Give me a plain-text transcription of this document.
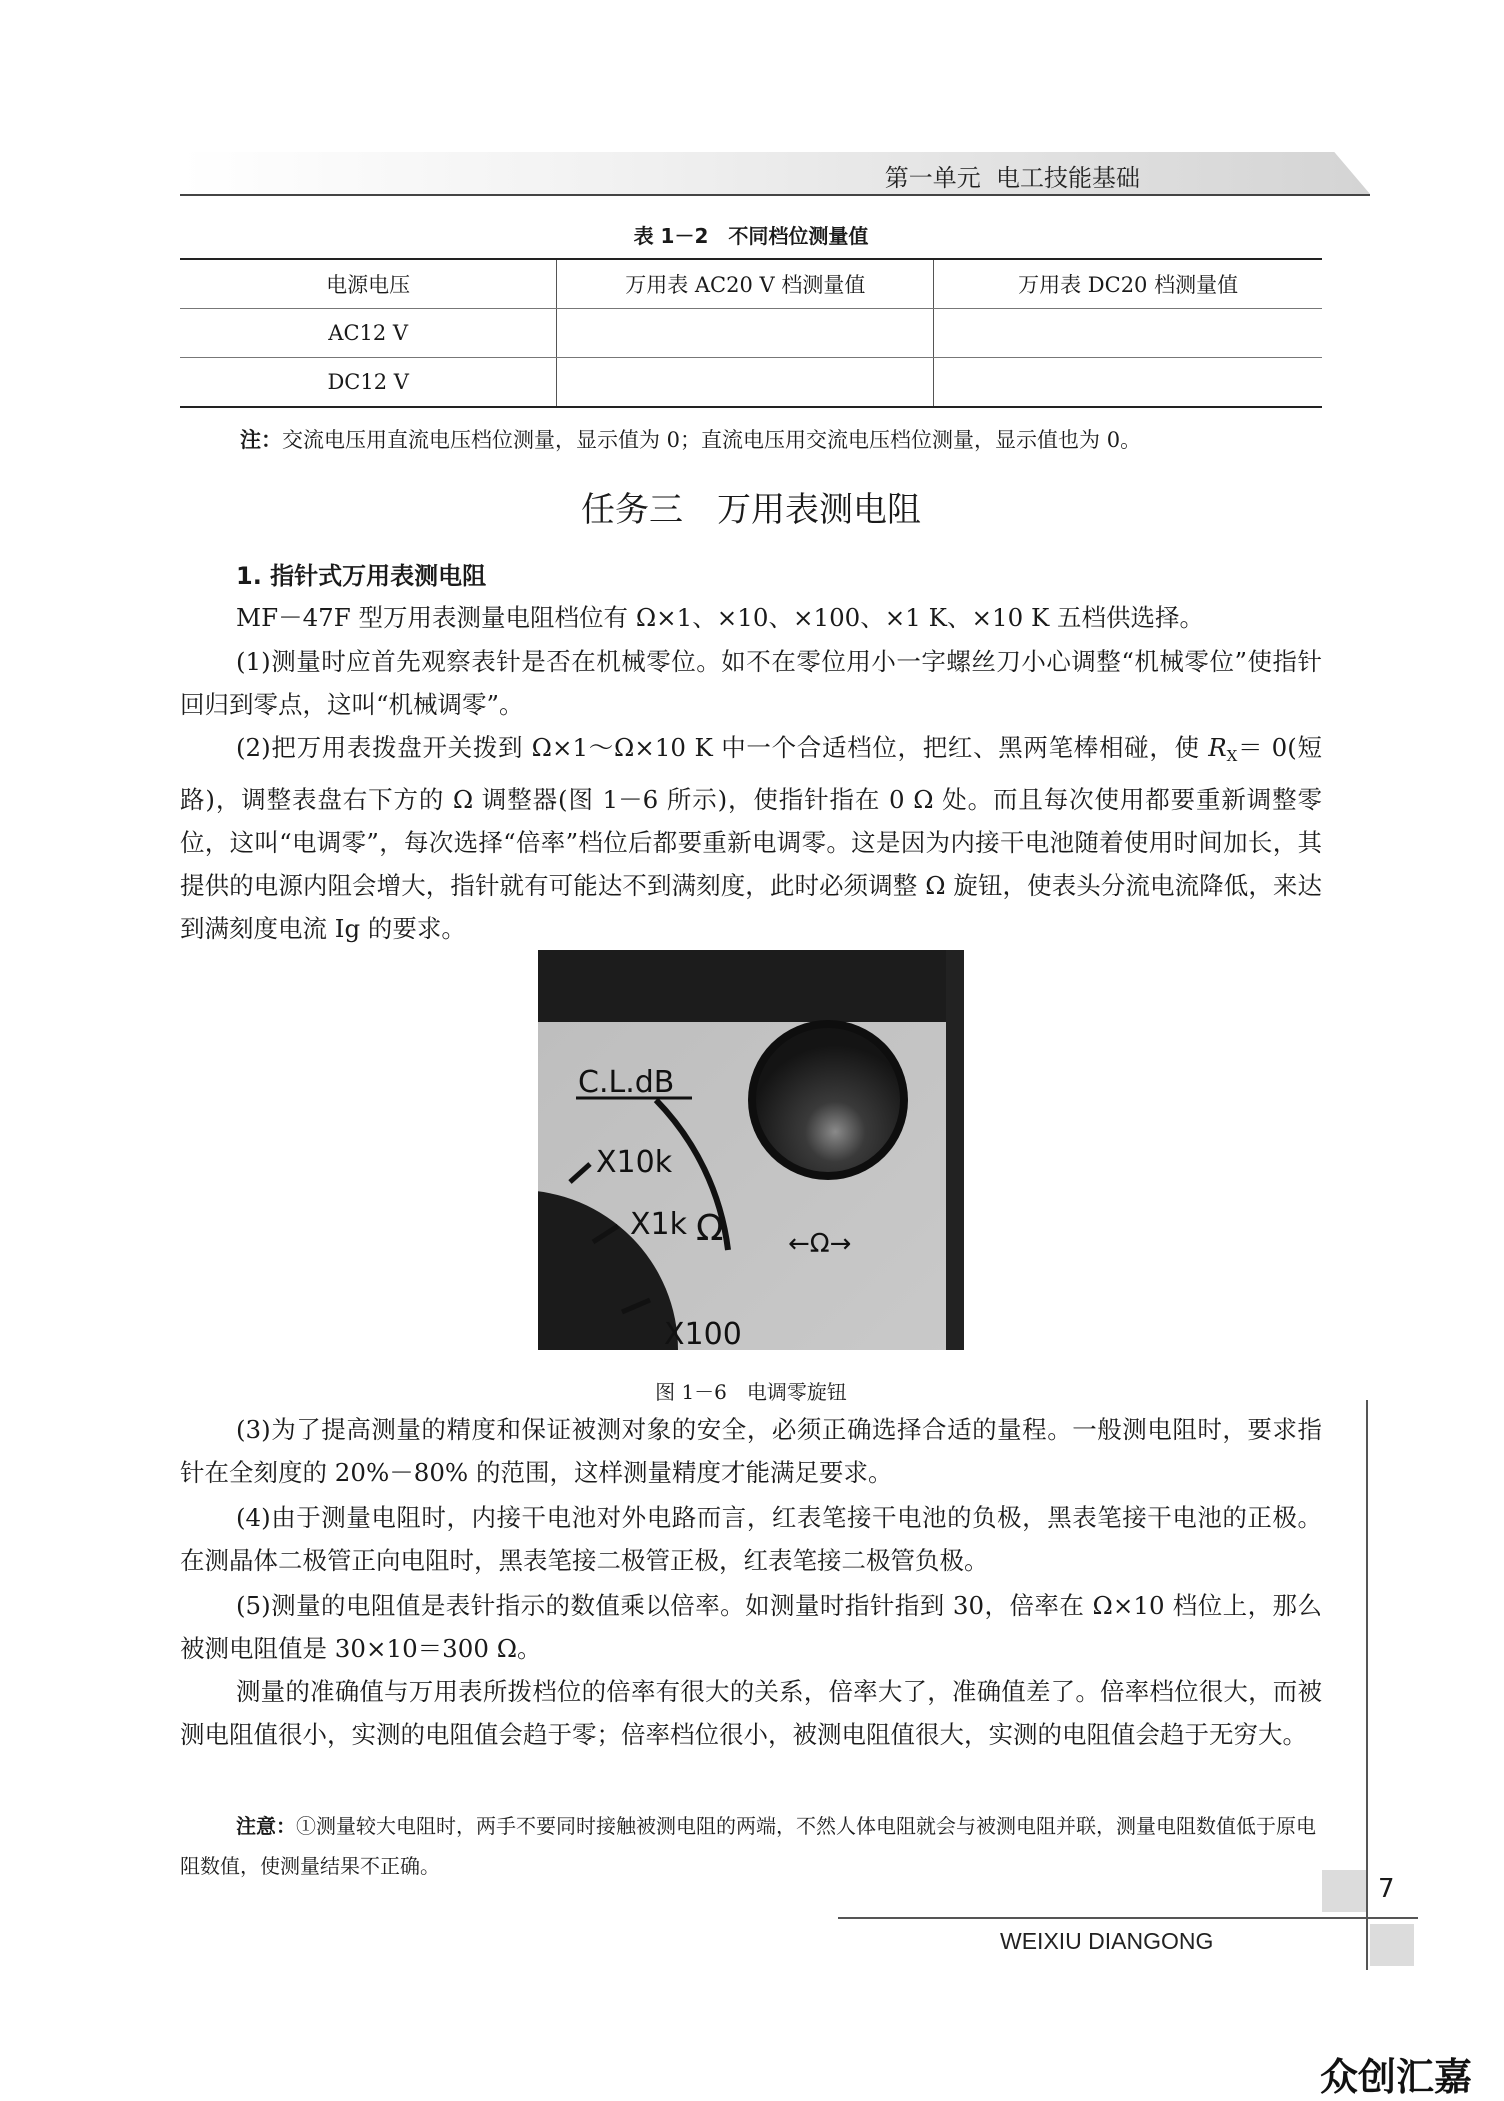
第一单元 电工技能基础
表 1－2　不同档位测量值
电源电压	万用表 AC20 V 档测量值	万用表 DC20 档测量值
AC12 V		
DC12 V		
注：交流电压用直流电压档位测量，显示值为 0；直流电压用交流电压档位测量，显示值也为 0。
任务三　万用表测电阻
1. 指针式万用表测电阻

MF－47F 型万用表测量电阻档位有 Ω×1、×10、×100、×1 K、×10 K 五档供选择。

(1)测量时应首先观察表针是否在机械零位。如不在零位用小一字螺丝刀小心调整“机械零位”使指针回归到零点，这叫“机械调零”。

(2)把万用表拨盘开关拨到 Ω×1～Ω×10 K 中一个合适档位，把红、黑两笔棒相碰，使 $R_X= 0$(短路)，调整表盘右下方的 Ω 调整器(图 1－6 所示)，使指针指在 0 Ω 处。而且每次使用都要重新调整零位，这叫“电调零”，每次选择“倍率”档位后都要重新电调零。这是因为内接干电池随着使用时间加长，其提供的电源内阻会增大，指针就有可能达不到满刻度，此时必须调整 Ω 旋钮，使表头分流电流降低，来达到满刻度电流 Ig 的要求。

C.L.dB
X10k
X1k Ω ←Ω→
X100
图 1－6　电调零旋钮

(3)为了提高测量的精度和保证被测对象的安全，必须正确选择合适的量程。一般测电阻时，要求指针在全刻度的 20%－80% 的范围，这样测量精度才能满足要求。

(4)由于测量电阻时，内接干电池对外电路而言，红表笔接干电池的负极，黑表笔接干电池的正极。在测晶体二极管正向电阻时，黑表笔接二极管正极，红表笔接二极管负极。

(5)测量的电阻值是表针指示的数值乘以倍率。如测量时指针指到 30，倍率在 Ω×10 档位上，那么被测电阻值是 30×10＝300 Ω。

测量的准确值与万用表所拨档位的倍率有很大的关系，倍率大了，准确值差了。倍率档位很大，而被测电阻值很小，实测的电阻值会趋于零；倍率档位很小，被测电阻值很大，实测的电阻值会趋于无穷大。

注意：①测量较大电阻时，两手不要同时接触被测电阻的两端，不然人体电阻就会与被测电阻并联，测量电阻数值低于原电阻数值，使测量结果不正确。

7
WEIXIU DIANGONG
众创汇嘉
